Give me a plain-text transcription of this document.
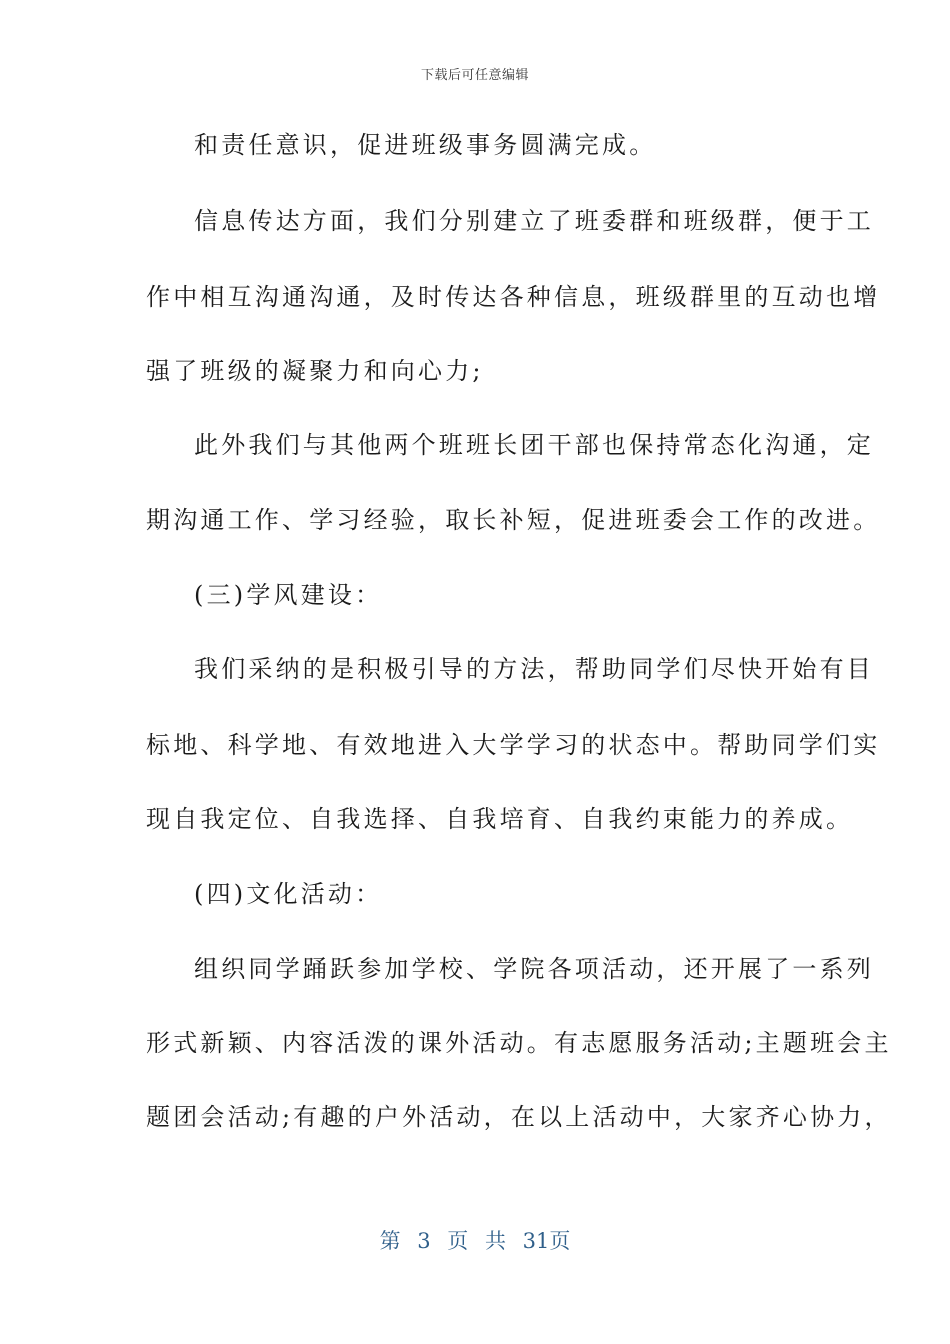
下载后可任意编辑
和责任意识，促进班级事务圆满完成。
信息传达方面，我们分别建立了班委群和班级群，便于工
作中相互沟通沟通，及时传达各种信息，班级群里的互动也增
强了班级的凝聚力和向心力;
此外我们与其他两个班班长团干部也保持常态化沟通，定
期沟通工作、学习经验，取长补短，促进班委会工作的改进。
(三)学风建设：
我们采纳的是积极引导的方法，帮助同学们尽快开始有目
标地、科学地、有效地进入大学学习的状态中。帮助同学们实
现自我定位、自我选择、自我培育、自我约束能力的养成。
(四)文化活动：
组织同学踊跃参加学校、学院各项活动，还开展了一系列
形式新颖、内容活泼的课外活动。有志愿服务活动;主题班会主
题团会活动;有趣的户外活动，在以上活动中，大家齐心协力，
第 3 页 共 31页
